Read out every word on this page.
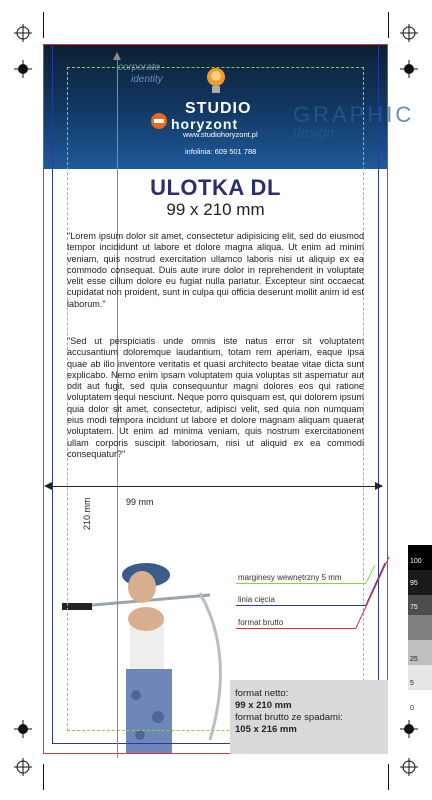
corporate
identity
GRAPHIC
design
STUDIO
horyzont
www.studiohoryzont.pl
infolinia: 609 501 788
210 mm
ULOTKA DL
99 x 210 mm
"Lorem ipsum dolor sit amet, consectetur adipisicing elit, sed do eiusmod tempor incididunt ut labore et dolore magna aliqua. Ut enim ad minim veniam, quis nostrud exercitation ullamco laboris nisi ut aliquip ex ea commodo consequat. Duis aute irure dolor in reprehenderit in voluptate velit esse cillum dolore eu fugiat nulla pariatur. Excepteur sint occaecat cupidatat non proident, sunt in culpa qui officia deserunt mollit anim id est laborum."
"Sed ut perspiciatis unde omnis iste natus error sit voluptatem accusantium doloremque laudantium, totam rem aperiam, eaque ipsa quae ab illo inventore veritatis et quasi architecto beatae vitae dicta sunt explicabo. Nemo enim ipsam voluptatem quia voluptas sit aspernatur aut odit aut fugit, sed quia consequuntur magni dolores eos qui ratione voluptatem sequi nesciunt. Neque porro quisquam est, qui dolorem ipsum quia dolor sit amet, consectetur, adipisci velit, sed quia non numquam eius modi tempora incidunt ut labore et dolore magnam aliquam quaerat voluptatem. Ut enim ad minima veniam, quis nostrum exercitationem ullam corporis suscipit laboriosam, nisi ut aliquid ex ea commodi consequatur?"
99 mm
marginesy wewnętrzny 5 mm
linia cięcia
format brutto
format netto:
99 x 210 mm
format brutto ze spadami:
105 x 216 mm
100
95
75
25
5
0
